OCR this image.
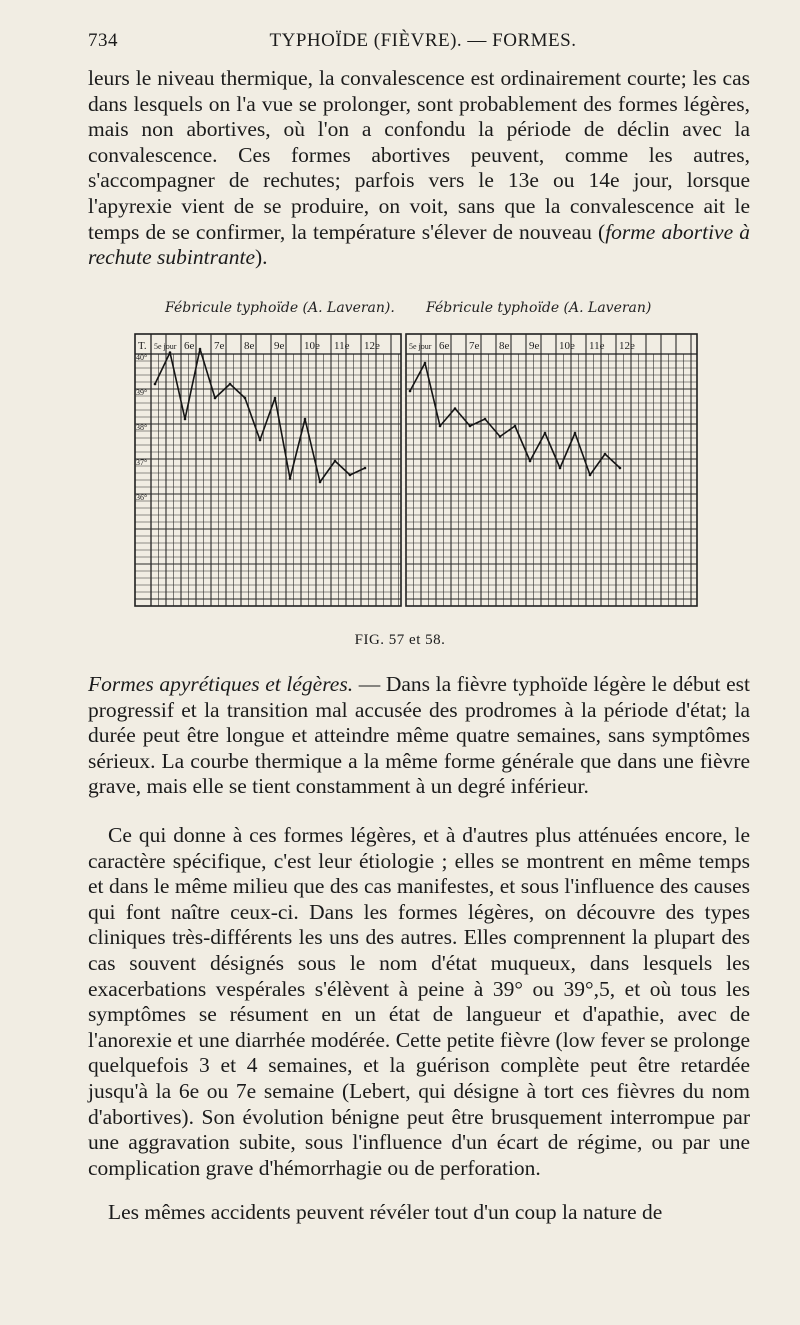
734	TYPHOÏDE (FIÈVRE). — FORMES.

leurs le niveau thermique, la convalescence est ordinairement courte; les cas dans lesquels on l'a vue se prolonger, sont probablement des formes légères, mais non abortives, où l'on a confondu la période de déclin avec la convalescence. Ces formes abortives peuvent, comme les autres, s'accompagner de rechutes; parfois vers le 13e ou 14e jour, lorsque l'apyrexie vient de se produire, on voit, sans que la convalescence ait le temps de se confirmer, la température s'élever de nouveau (forme abortive à rechute subintrante).

Fébricule typhoïde (A. Laveran). Fébricule typhoïde (A. Laveran)
T. 5e jour 6e 7e 8e 9e 10e 11e 12e	5e jour 6e 7e 8e 9e 10e 11e 12e
40°
39°
38°
37°
36°
FIG. 57 et 58.

Formes apyrétiques et légères. — Dans la fièvre typhoïde légère le début est progressif et la transition mal accusée des prodromes à la période d'état; la durée peut être longue et atteindre même quatre semaines, sans symptômes sérieux. La courbe thermique a la même forme générale que dans une fièvre grave, mais elle se tient constamment à un degré inférieur.

Ce qui donne à ces formes légères, et à d'autres plus atténuées encore, le caractère spécifique, c'est leur étiologie ; elles se montrent en même temps et dans le même milieu que des cas manifestes, et sous l'influence des causes qui font naître ceux-ci. Dans les formes légères, on découvre des types cliniques très-différents les uns des autres. Elles comprennent la plupart des cas souvent désignés sous le nom d'état muqueux, dans lesquels les exacerbations vespérales s'élèvent à peine à 39° ou 39°,5, et où tous les symptômes se résument en un état de langueur et d'apathie, avec de l'anorexie et une diarrhée modérée. Cette petite fièvre (low fever se prolonge quelquefois 3 et 4 semaines, et la guérison complète peut être retardée jusqu'à la 6e ou 7e semaine (Lebert, qui désigne à tort ces fièvres du nom d'abortives). Son évolution bénigne peut être brusquement interrompue par une aggravation subite, sous l'influence d'un écart de régime, ou par une complication grave d'hémorrhagie ou de perforation.

Les mêmes accidents peuvent révéler tout d'un coup la nature de
